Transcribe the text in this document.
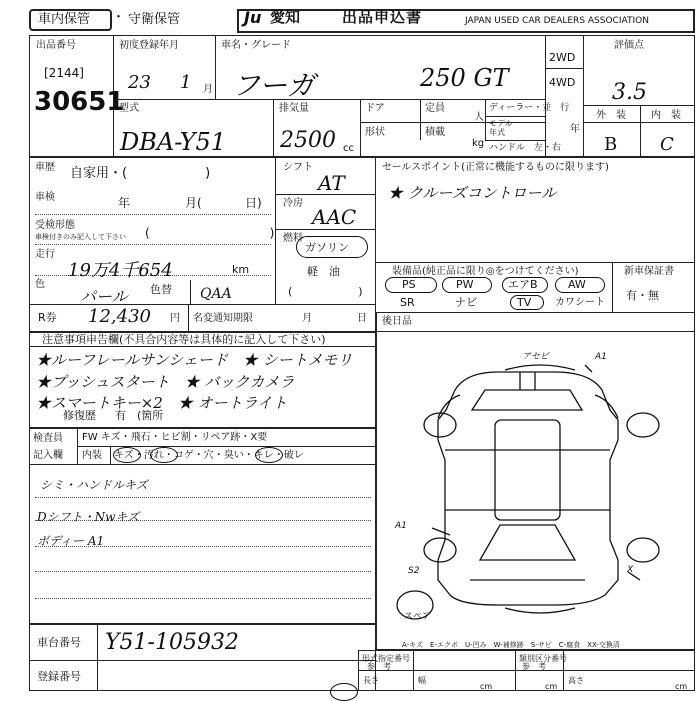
車内保管 ・ 守衛保管	Ju 愛知	出品申込書	JAPAN USED CAR DEALERS ASSOCIATION
出品番号
[2144]
30651
初度登録年月
23 1 月
車名・グレード
フーガ	250 GT
2WD
4WD
評価点
3.5
外　装	内　装
B C
型式
DBA-Y51
排気量
2500 cc
ドア	定員
人
形状	積載
kg
ディーラー・並　行
モデル
年式	年
ハンドル　左・右
車歴 自家用・(　　　　　　)
車検	年	月(	日)
受検形態
車検付きのみ記入して下さい (　　　　　　　　　　)
走行
19万4千654	km
色
パール 色替 QAA
シフト
AT
冷房
AAC
燃料
ガソリン
軽　油
(　　　　　　)
セールスポイント(正常に機能するものに限ります)
★ クルーズコントロール
装備品(純正品に限り◎をつけてください)	新車保証書
有・無
PS	PW	エアB	AW
SR	ナビ	TV カワシート
R券 12,430 円 名変通知期限	月	日 後日品
注意事項申告欄(不具合内容等は具体的に記入して下さい)
★ルーフレールサンシェード　★ シートメモリ
★プッシュスタート　★ バックカメラ
★スマートキー×2　★ オートライト
修復歴 有　(箇所
検査員
記入欄
FW キズ・飛石・ヒビ割・リペア跡・X要
内装 キズ・汚れ・コゲ・穴・臭い・キレ・破レ
シミ・ハンドルキズ
Dシフト・Nwキズ
ボディー A1
アセビ	A1
A1
S2	X
スペア
A-キズ　E-エクボ　U-凹み　W-補修跡　S-サビ　C-腐食　XX-交換済
車台番号 Y51-105932
登録番号
形式指定番号
参　考
長さ
cm
幅
cm
類別区分番号
参　考
高さ
cm
